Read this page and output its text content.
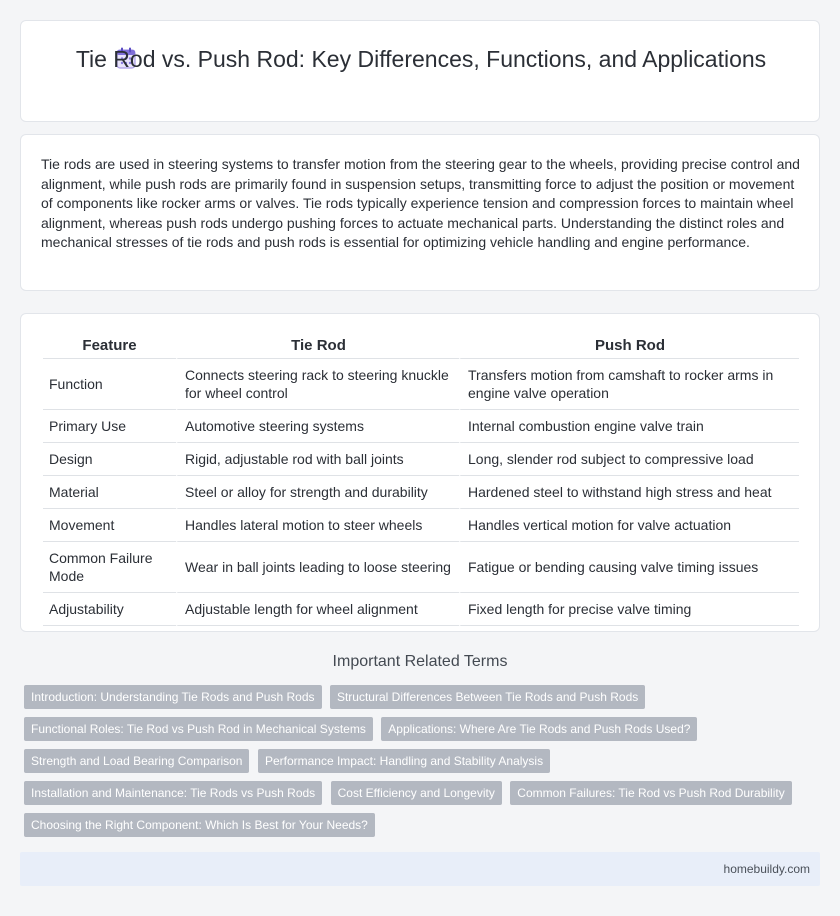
Tie Rod vs. Push Rod: Key Differences, Functions, and Applications

Tie rods are used in steering systems to transfer motion from the steering gear to the wheels, providing precise control and alignment, while push rods are primarily found in suspension setups, transmitting force to adjust the position or movement of components like rocker arms or valves. Tie rods typically experience tension and compression forces to maintain wheel alignment, whereas push rods undergo pushing forces to actuate mechanical parts. Understanding the distinct roles and mechanical stresses of tie rods and push rods is essential for optimizing vehicle handling and engine performance.

Feature	Tie Rod	Push Rod
Function	Connects steering rack to steering knuckle for wheel control	Transfers motion from camshaft to rocker arms in engine valve operation
Primary Use	Automotive steering systems	Internal combustion engine valve train
Design	Rigid, adjustable rod with ball joints	Long, slender rod subject to compressive load
Material	Steel or alloy for strength and durability	Hardened steel to withstand high stress and heat
Movement	Handles lateral motion to steer wheels	Handles vertical motion for valve actuation
Common Failure Mode	Wear in ball joints leading to loose steering	Fatigue or bending causing valve timing issues
Adjustability	Adjustable length for wheel alignment	Fixed length for precise valve timing
Important Related Terms
Introduction: Understanding Tie Rods and Push Rods Structural Differences Between Tie Rods and Push Rods Functional Roles: Tie Rod vs Push Rod in Mechanical Systems Applications: Where Are Tie Rods and Push Rods Used? Strength and Load Bearing Comparison Performance Impact: Handling and Stability Analysis Installation and Maintenance: Tie Rods vs Push Rods Cost Efficiency and Longevity Common Failures: Tie Rod vs Push Rod Durability Choosing the Right Component: Which Is Best for Your Needs?
homebuildy.com
